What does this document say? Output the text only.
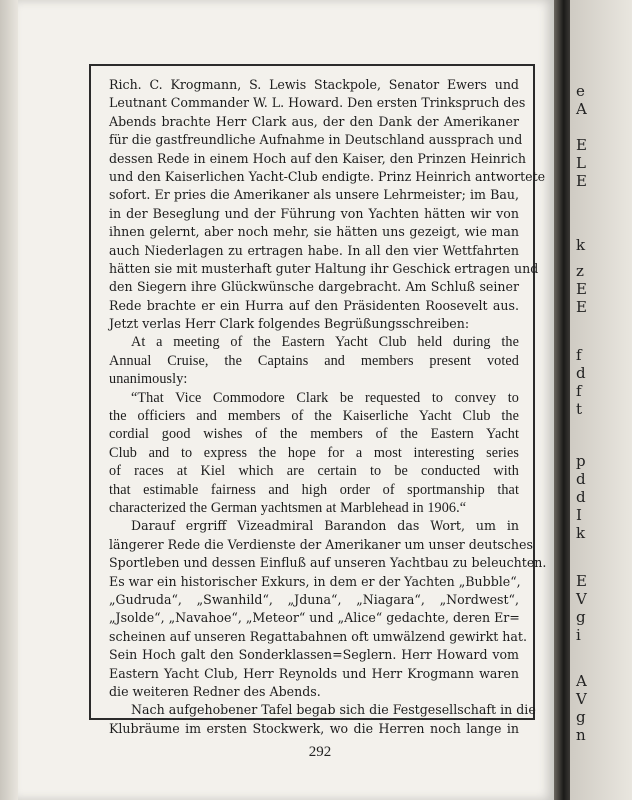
Rich. C. Krogmann, S. Lewis Stackpole, Senator Ewers und
Leutnant Commander W. L. Howard. Den ersten Trinkspruch des
Abends brachte Herr Clark aus, der den Dank der Amerikaner
für die gastfreundliche Aufnahme in Deutschland aussprach und
dessen Rede in einem Hoch auf den Kaiser, den Prinzen Heinrich
und den Kaiserlichen Yacht-Club endigte. Prinz Heinrich antwortete
sofort. Er pries die Amerikaner als unsere Lehrmeister; im Bau,
in der Beseglung und der Führung von Yachten hätten wir von
ihnen gelernt, aber noch mehr, sie hätten uns gezeigt, wie man
auch Niederlagen zu ertragen habe. In all den vier Wettfahrten
hätten sie mit musterhaft guter Haltung ihr Geschick ertragen und
den Siegern ihre Glückwünsche dargebracht. Am Schluß seiner
Rede brachte er ein Hurra auf den Präsidenten Roosevelt aus.
Jetzt verlas Herr Clark folgendes Begrüßungsschreiben:
At a meeting of the Eastern Yacht Club held during the
Annual Cruise, the Captains and members present voted
unanimously:
“That Vice Commodore Clark be requested to convey to
the officiers and members of the Kaiserliche Yacht Club the
cordial good wishes of the members of the Eastern Yacht
Club and to express the hope for a most interesting series
of races at Kiel which are certain to be conducted with
that estimable fairness and high order of sportmanship that
characterized the German yachtsmen at Marblehead in 1906.“
Darauf ergriff Vizeadmiral Barandon das Wort, um in
längerer Rede die Verdienste der Amerikaner um unser deutsches
Sportleben und dessen Einfluß auf unseren Yachtbau zu beleuchten.
Es war ein historischer Exkurs, in dem er der Yachten „Bubble“,
„Gudruda“, „Swanhild“, „Jduna“, „Niagara“, „Nordwest“,
„Jsolde“, „Navahoe“, „Meteor“ und „Alice“ gedachte, deren Er=
scheinen auf unseren Regattabahnen oft umwälzend gewirkt hat.
Sein Hoch galt den Sonderklassen=Seglern. Herr Howard vom
Eastern Yacht Club, Herr Reynolds und Herr Krogmann waren
die weiteren Redner des Abends.
Nach aufgehobener Tafel begab sich die Festgesellschaft in die
Klubräume im ersten Stockwerk, wo die Herren noch lange in
292
e
A
E
L
E
k
z
E
E
f
d
f
t
p
d
d
I
k
E
V
g
i
A
V
g
n
